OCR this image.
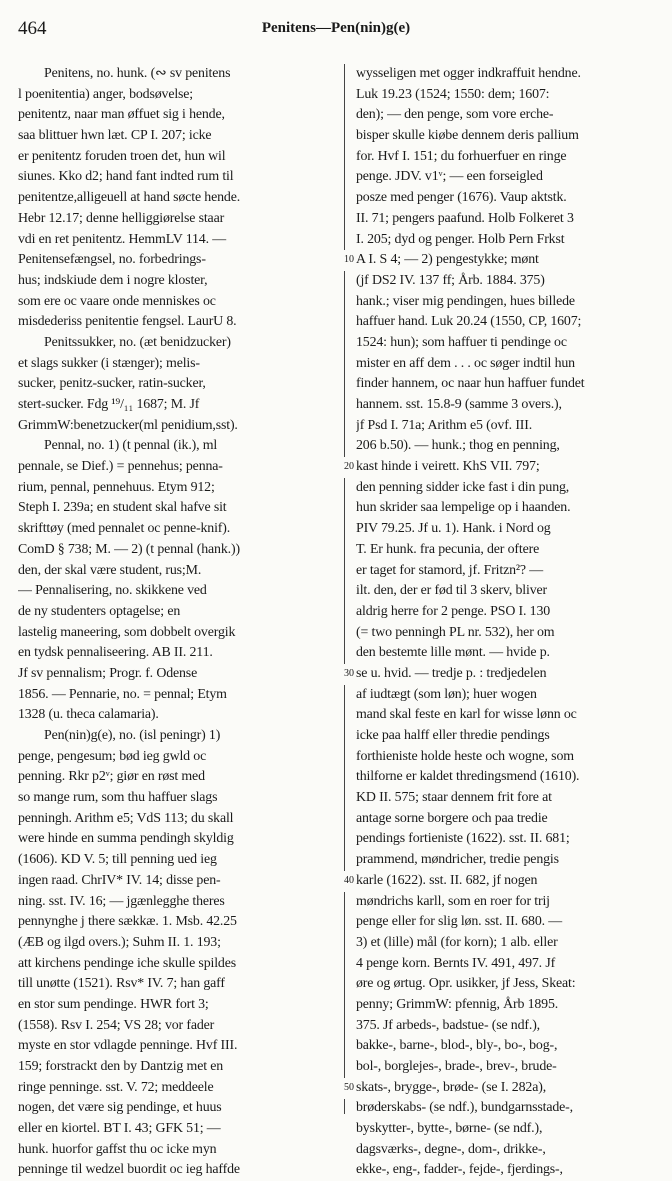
464	Penitens—Pen(nin)g(e)
Penitens, no. hunk. (∾ sv penitens
l poenitentia) anger, bodsøvelse;
penitentz, naar man øffuet sig i hende,
saa blittuer hwn læt. CP I. 207; icke
er penitentz foruden troen det, hun wil
siunes. Kko d2; hand fant indted rum til
penitentze,alligeuell at hand søcte hende.
Hebr 12.17; denne helliggiørelse staar
vdi en ret penitentz. HemmLV 114. —
Penitensefængsel, no. forbedrings-
hus; indskiude dem i nogre kloster,
som ere oc vaare onde menniskes oc
misdederiss penitentie fengsel. LaurU 8.
Penitssukker, no. (æt benidzucker)
et slags sukker (i stænger); melis-
sucker, penitz-sucker, ratin-sucker,
stert-sucker. Fdg ¹⁹/₁₁ 1687; M. Jf
GrimmW:benetzucker(ml penidium,sst).
Pennal, no. 1) (t pennal (ik.), ml
pennale, se Dief.) = pennehus; penna-
rium, pennal, pennehuus. Etym 912;
Steph I. 239a; en student skal hafve sit
skrifttøy (med pennalet oc penne-knif).
ComD § 738; M. — 2) (t pennal (hank.))
den, der skal være student, rus;M.
— Pennalisering, no. skikkene ved
de ny studenters optagelse; en
lastelig maneering, som dobbelt overgik
en tydsk pennaliseering. AB II. 211.
Jf sv pennalism; Progr. f. Odense
1856. — Pennarie, no. = pennal; Etym
1328 (u. theca calamaria).
Pen(nin)g(e), no. (isl peningr) 1)
penge, pengesum; bød ieg gwld oc
penning. Rkr p2ᵛ; giør en røst med
so mange rum, som thu haffuer slags
penningh. Arithm e5; VdS 113; du skall
were hinde en summa pendingh skyldig
(1606). KD V. 5; till penning ued ieg
ingen raad. ChrIV* IV. 14; disse pen-
ning. sst. IV. 16; — jgænlegghe theres
pennynghe j there sækkæ. 1. Msb. 42.25
(ÆB og ilgd overs.); Suhm II. 1. 193;
att kirchens pendinge iche skulle spildes
till unøtte (1521). Rsv* IV. 7; han gaff
en stor sum pendinge. HWR fort 3;
(1558). Rsv I. 254; VS 28; vor fader
myste en stor vdlagde penninge. Hvf III.
159; forstrackt den by Dantzig met en
ringe penninge. sst. V. 72; meddeele
nogen, det være sig pendinge, et huus
eller en kiortel. BT I. 43; GFK 51; —
hunk. huorfor gaffst thu oc icke myn
penninge til wedzel buordit oc ieg haffde
10
20
30
40
50
wysseligen met ogger indkraffuit hendne.
Luk 19.23 (1524; 1550: dem; 1607:
den); — den penge, som vore erche-
bisper skulle kiøbe dennem deris pallium
for. Hvf I. 151; du forhuerfuer en ringe
penge. JDV. v1ᵛ; — een forseigled
posze med penger (1676). Vaup aktstk.
II. 71; pengers paafund. Holb Folkeret 3
I. 205; dyd og penger. Holb Pern Frkst
A I. S 4; — 2) pengestykke; mønt
(jf DS2 IV. 137 ff; Årb. 1884. 375)
hank.; viser mig pendingen, hues billede
haffuer hand. Luk 20.24 (1550, CP, 1607;
1524: hun); som haffuer ti pendinge oc
mister en aff dem . . . oc søger indtil hun
finder hannem, oc naar hun haffuer fundet
hannem. sst. 15.8-9 (samme 3 overs.),
jf Psd I. 71a; Arithm e5 (ovf. III.
206 b.50). — hunk.; thog en penning,
kast hinde i veirett. KhS VII. 797;
den penning sidder icke fast i din pung,
hun skrider saa lempelige op i haanden.
PIV 79.25. Jf u. 1). Hank. i Nord og
T. Er hunk. fra pecunia, der oftere
er taget for stamord, jf. Fritzn²? —
ilt. den, der er fød til 3 skerv, bliver
aldrig herre for 2 penge. PSO I. 130
(= two penningh PL nr. 532), her om
den bestemte lille mønt. — hvide p.
se u. hvid. — tredje p. : tredjedelen
af iudtægt (som løn); huer wogen
mand skal feste en karl for wisse lønn oc
icke paa halff eller thredie pendings
forthieniste holde heste och wogne, som
thilforne er kaldet thredingsmend (1610).
KD II. 575; staar dennem frit fore at
antage sorne borgere och paa tredie
pendings fortieniste (1622). sst. II. 681;
prammend, møndricher, tredie pengis
karle (1622). sst. II. 682, jf nogen
møndrichs karll, som en roer for trij
penge eller for slig løn. sst. II. 680. —
3) et (lille) mål (for korn); 1 alb. eller
4 penge korn. Bernts IV. 491, 497. Jf
øre og ørtug. Opr. usikker, jf Jess, Skeat:
penny; GrimmW: pfennig, Årb 1895.
375. Jf arbeds-, badstue- (se ndf.),
bakke-, barne-, blod-, bly-, bo-, bog-,
bol-, borglejes-, brade-, brev-, brude-
skats-, brygge-, brøde- (se I. 282a),
brøderskabs- (se ndf.), bundgarnsstade-,
byskytter-, bytte-, børne- (se ndf.),
dagsværks-, degne-, dom-, drikke-,
ekke-, eng-, fadder-, fejde-, fjerdings-,
